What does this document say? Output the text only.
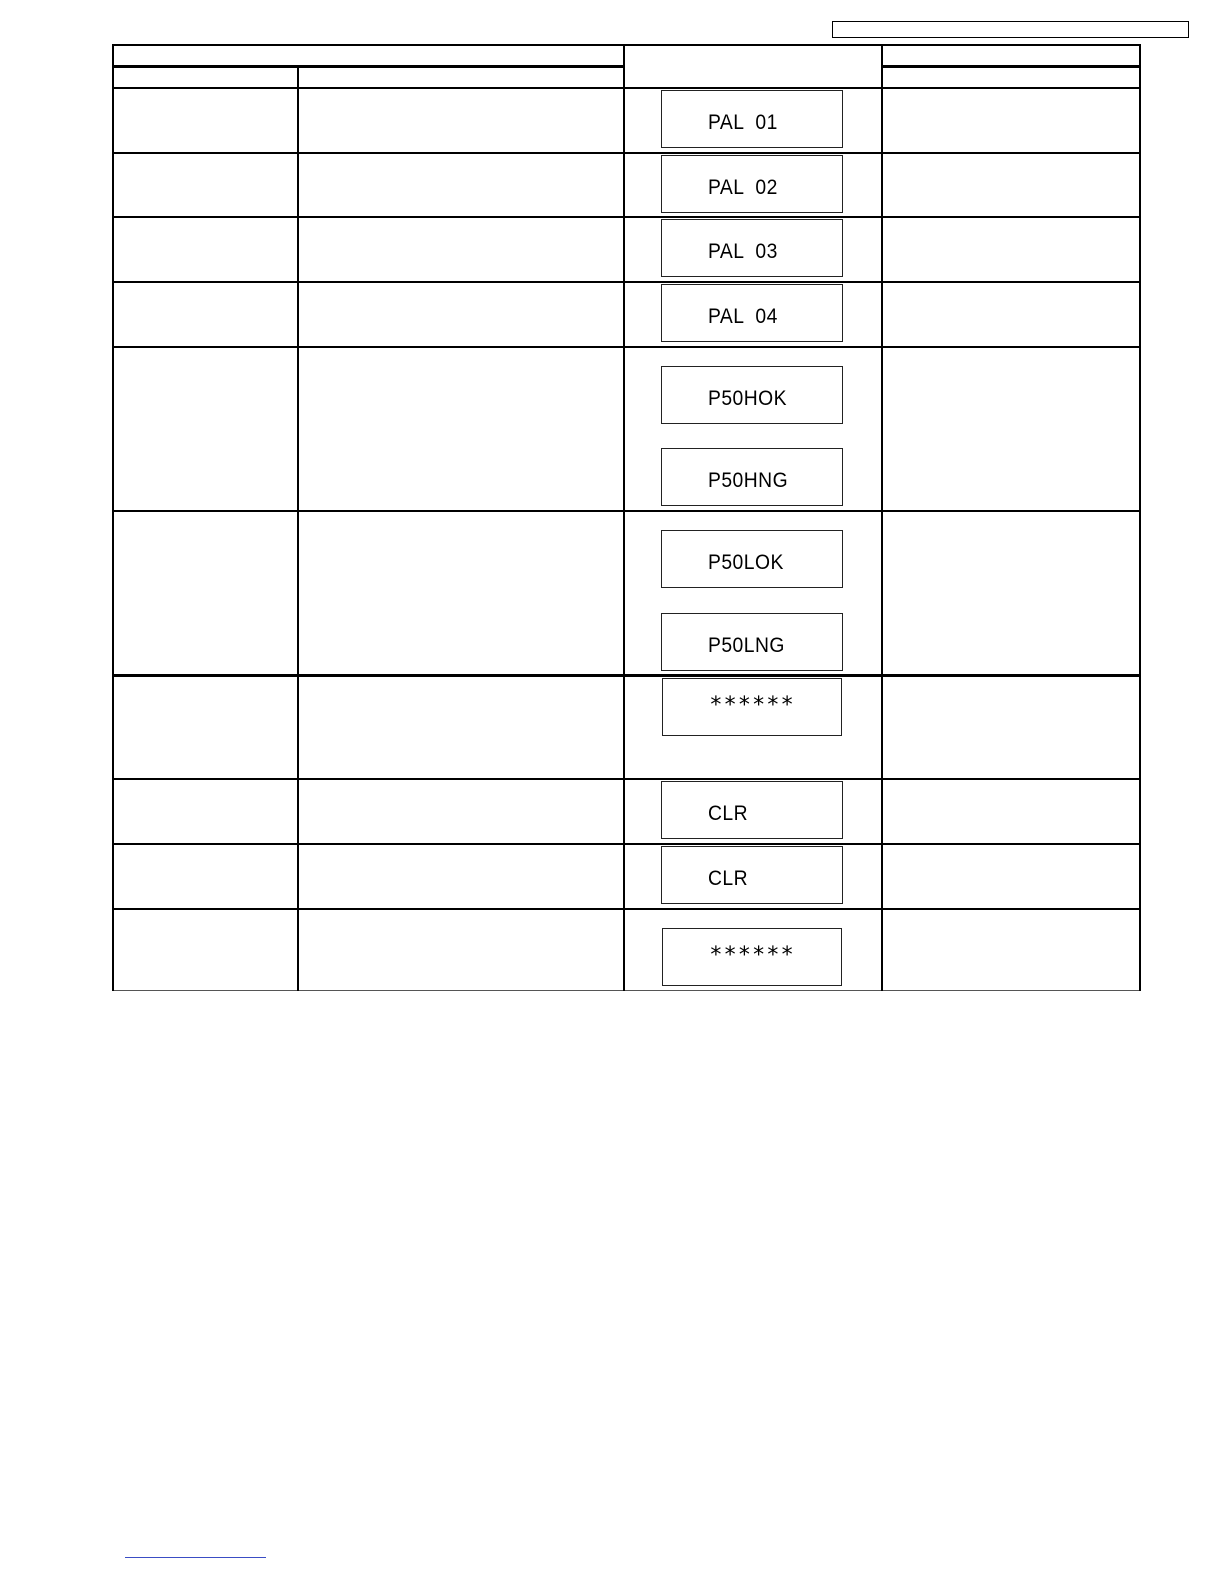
PAL  01
PAL  02
PAL  03
PAL  04
P50HOK
P50HNG
P50LOK
P50LNG
******
CLR
CLR
******
